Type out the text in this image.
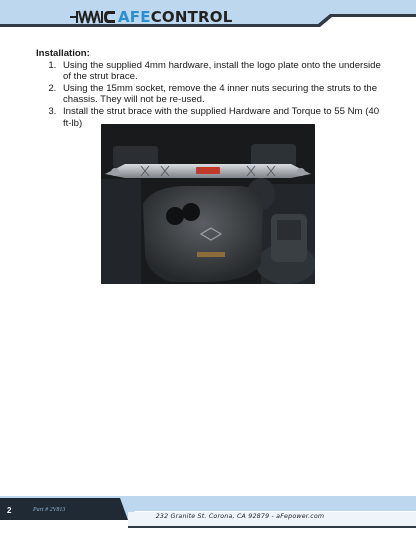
AFECONTROL
Installation:
1. Using the supplied 4mm hardware, install the logo plate onto the underside of the strut brace.
2. Using the 15mm socket, remove the 4 inner nuts securing the struts to the chassis. They will not be re-used.
3. Install the strut brace with the supplied Hardware and Torque to 55 Nm (40 ft-lb)
2	Part # 2V813
232 Granite St. Corona, CA 92879 - aFepower.com
